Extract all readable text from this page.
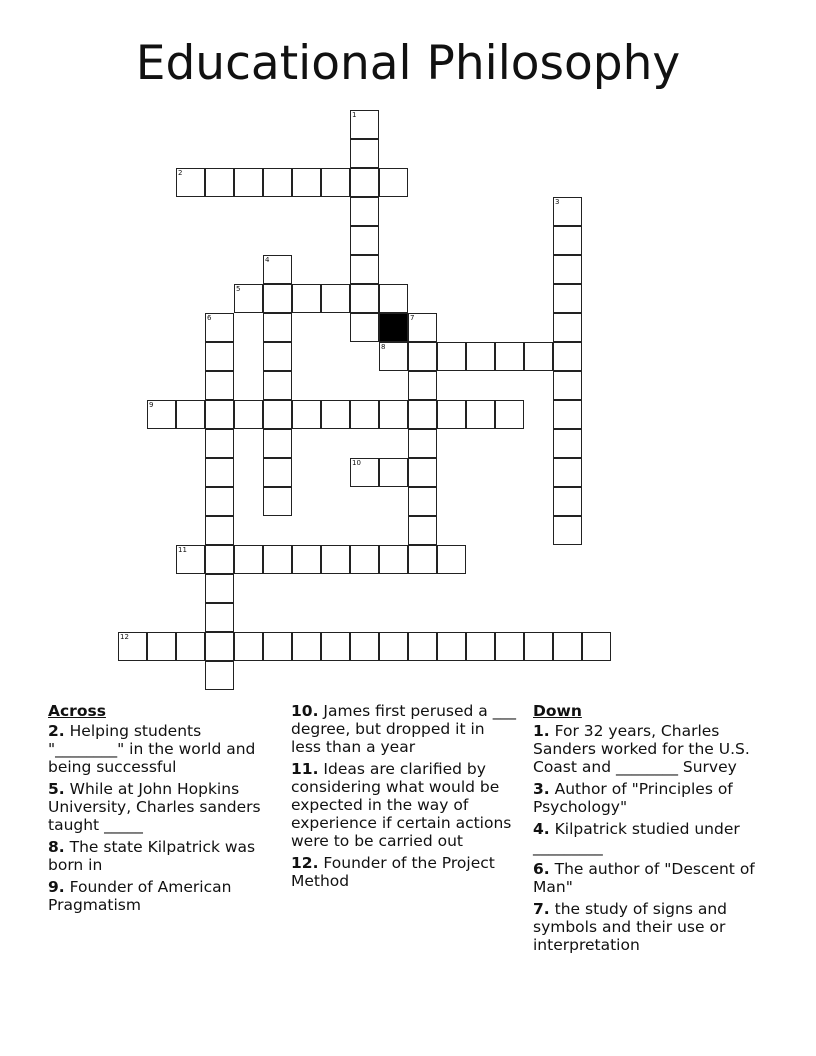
Educational Philosophy
1
2
3
4
5
6	7
8
9
10
11
12
Across
2. Helping students "________" in the world and being successful
5. While at John Hopkins University, Charles sanders taught _____
8. The state Kilpatrick was born in
9. Founder of American Pragmatism
10. James first perused a ___ degree, but dropped it in less than a year
11. Ideas are clarified by considering what would be expected in the way of experience if certain actions were to be carried out
12. Founder of the Project Method
Down
1. For 32 years, Charles Sanders worked for the U.S. Coast and ________ Survey
3. Author of "Principles of Psychology"
4. Kilpatrick studied under _________
6. The author of "Descent of Man"
7. the study of signs and symbols and their use or interpretation
